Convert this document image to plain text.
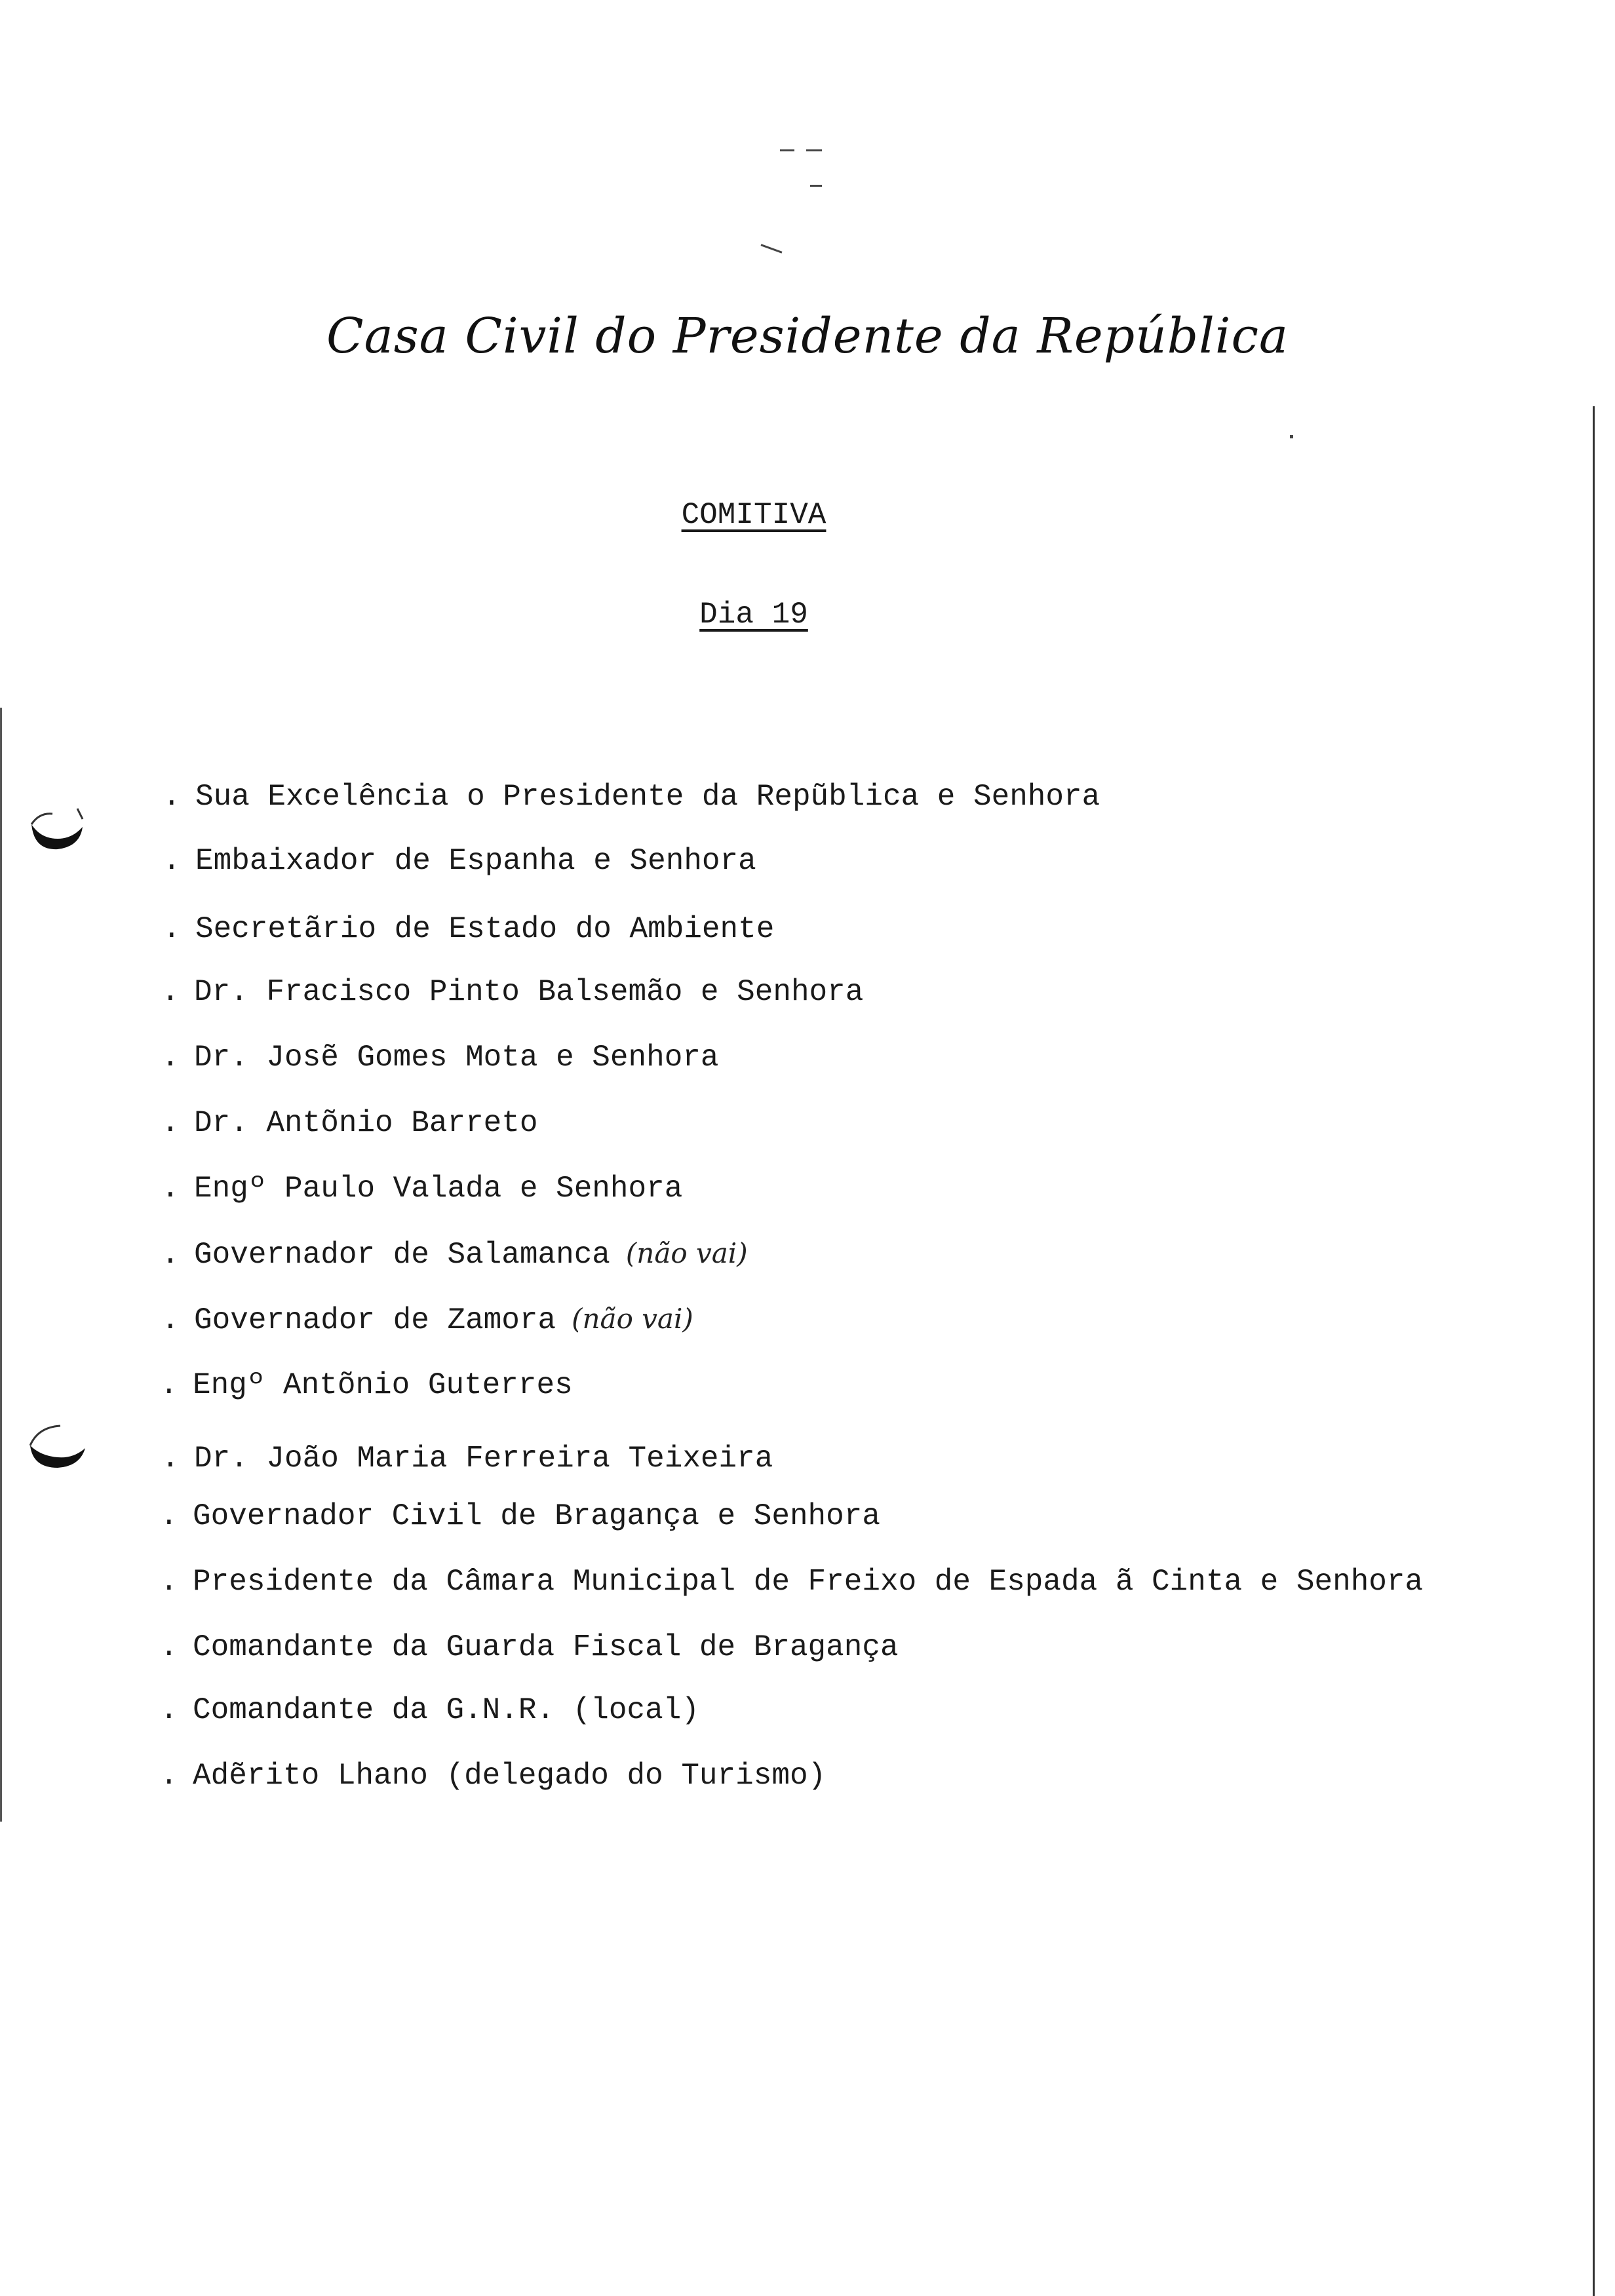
Casa Civil do Presidente da República
COMITIVA
Dia 19
. Sua Excelência o Presidente da Repũblica e Senhora
. Embaixador de Espanha e Senhora
. Secretãrio de Estado do Ambiente
. Dr. Fracisco Pinto Balsemão e Senhora
. Dr. Josẽ Gomes Mota e Senhora
. Dr. Antõnio Barreto
. Engº Paulo Valada e Senhora
. Governador de Salamanca (não vai)
. Governador de Zamora (não vai)
. Engº Antõnio Guterres
. Dr. João Maria Ferreira Teixeira
. Governador Civil de Bragança e Senhora
. Presidente da Câmara Municipal de Freixo de Espada ã Cinta e Senhora
. Comandante da Guarda Fiscal de Bragança
. Comandante da G.N.R. (local)
. Adẽrito Lhano (delegado do Turismo)
